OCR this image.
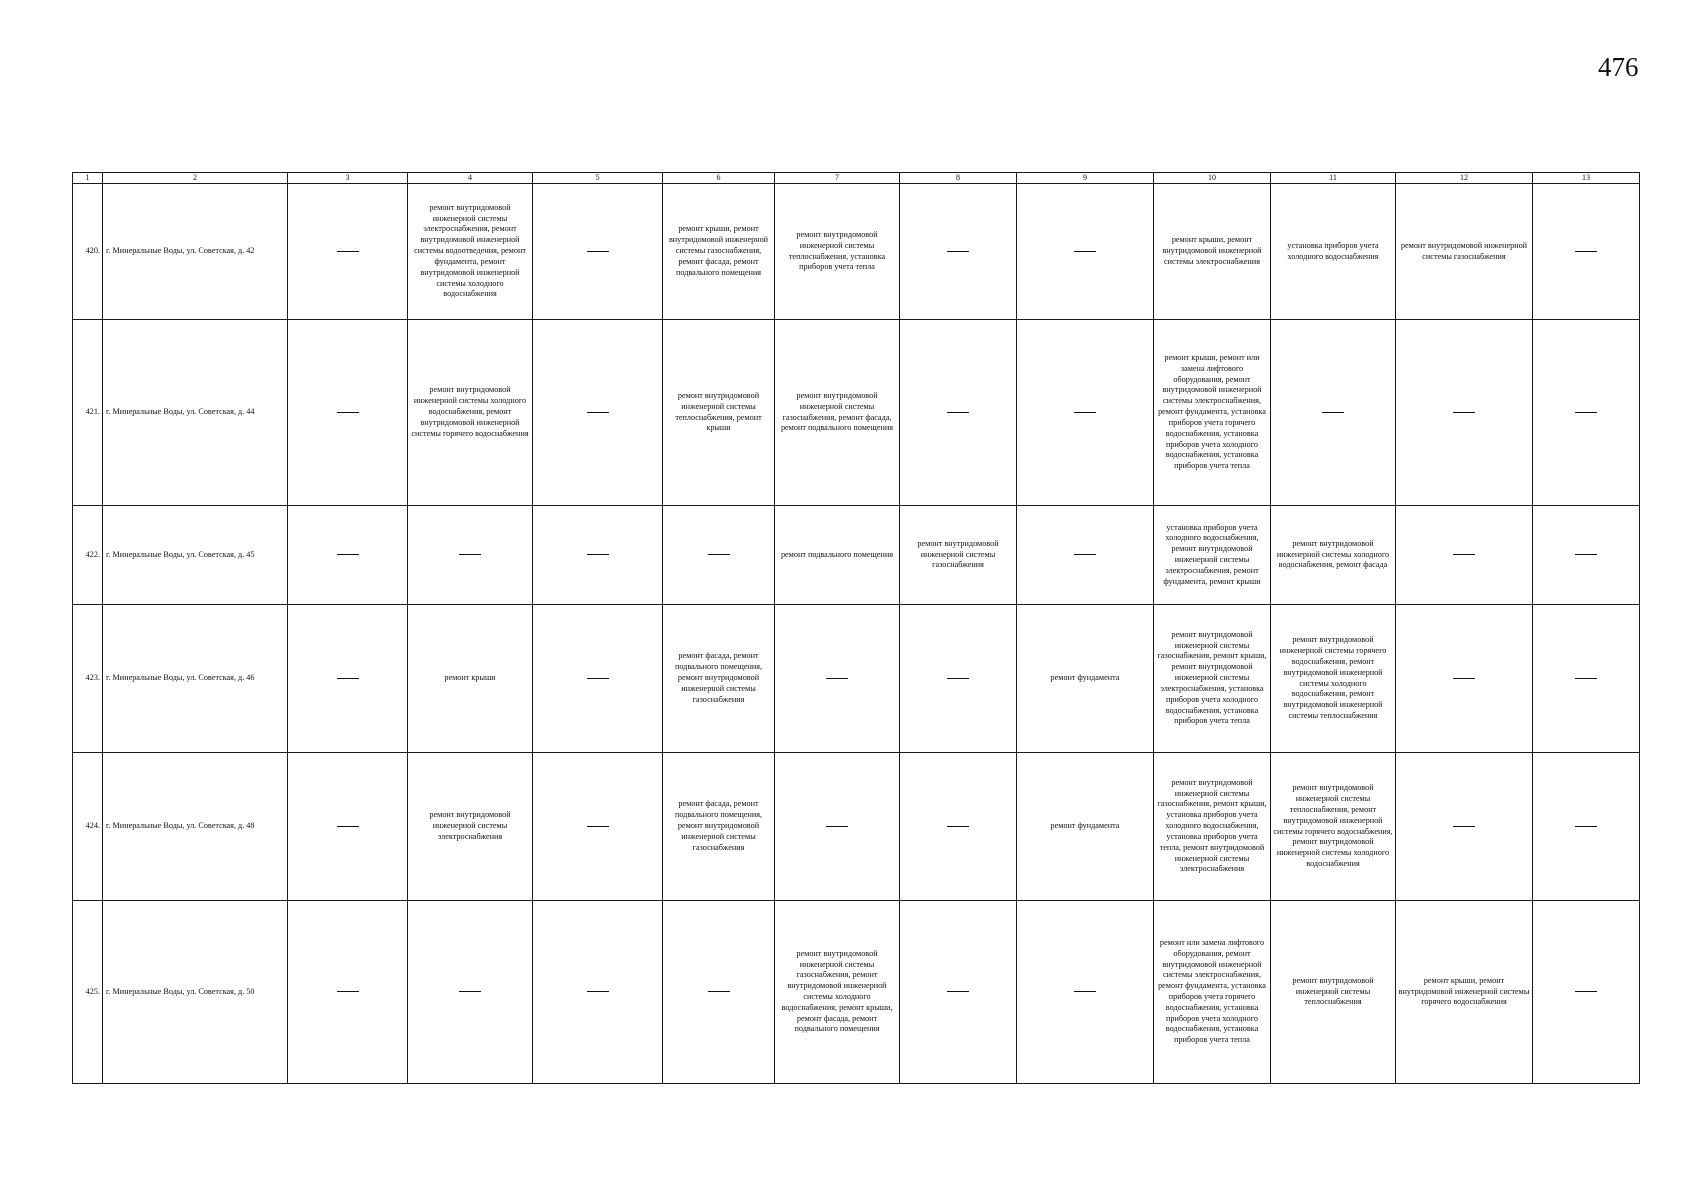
476
1	2	3	4	5	6	7	8	9	10	11	12	13
420.	г. Минеральные Воды, ул. Советская, д. 42		ремонт внутридомовой инженерной системы электроснабжения, ремонт внутридомовой инженерной системы водоотведения, ремонт фундамента, ремонт внутридомовой инженерной системы холодного водоснабжения		ремонт крыши, ремонт внутридомовой инженерной системы газоснабжения, ремонт фасада, ремонт подвального помещения	ремонт внутридомовой инженерной системы теплоснабжения, установка приборов учета тепла			ремонт крыши, ремонт внутридомовой инженерной системы электроснабжения	установка приборов учета холодного водоснабжения	ремонт внутридомовой инженерной системы газоснабжения	
421.	г. Минеральные Воды, ул. Советская, д. 44		ремонт внутридомовой инженерной системы холодного водоснабжения, ремонт внутридомовой инженерной системы горячего водоснабжения		ремонт внутридомовой инженерной системы теплоснабжения, ремонт крыши	ремонт внутридомовой инженерной системы газоснабжения, ремонт фасада, ремонт подвального помещения			ремонт крыши, ремонт или замена лифтового оборудования, ремонт внутридомовой инженерной системы электроснабжения, ремонт фундамента, установка приборов учета горячего водоснабжения, установка приборов учета холодного водоснабжения, установка приборов учета тепла			
422.	г. Минеральные Воды, ул. Советская, д. 45					ремонт подвального помещения	ремонт внутридомовой инженерной системы газоснабжения		установка приборов учета холодного водоснабжения, ремонт внутридомовой инженерной системы электроснабжения, ремонт фундамента, ремонт крыши	ремонт внутридомовой инженерной системы холодного водоснабжения, ремонт фасада		
423.	г. Минеральные Воды, ул. Советская, д. 46		ремонт крыши		ремонт фасада, ремонт подвального помещения, ремонт внутридомовой инженерной системы газоснабжения			ремонт фундамента	ремонт внутридомовой инженерной системы газоснабжения, ремонт крыши, ремонт внутридомовой инженерной системы электроснабжения, установка приборов учета холодного водоснабжения, установка приборов учета тепла	ремонт внутридомовой инженерной системы горячего водоснабжения, ремонт внутридомовой инженерной системы холодного водоснабжения, ремонт внутридомовой инженерной системы теплоснабжения		
424.	г. Минеральные Воды, ул. Советская, д. 48		ремонт внутридомовой инженерной системы электроснабжения		ремонт фасада, ремонт подвального помещения, ремонт внутридомовой инженерной системы газоснабжения			ремонт фундамента	ремонт внутридомовой инженерной системы газоснабжения, ремонт крыши, установка приборов учета холодного водоснабжения, установка приборов учета тепла, ремонт внутридомовой инженерной системы электроснабжения	ремонт внутридомовой инженерной системы теплоснабжения, ремонт внутридомовой инженерной системы горячего водоснабжения, ремонт внутридомовой инженерной системы холодного водоснабжения		
425.	г. Минеральные Воды, ул. Советская, д. 50					ремонт внутридомовой инженерной системы газоснабжения, ремонт внутридомовой инженерной системы холодного водоснабжения, ремонт крыши, ремонт фасада, ремонт подвального помещения			ремонт или замена лифтового оборудования, ремонт внутридомовой инженерной системы электроснабжения, ремонт фундамента, установка приборов учета горячего водоснабжения, установка приборов учета холодного водоснабжения, установка приборов учета тепла	ремонт внутридомовой инженерной системы теплоснабжения	ремонт крыши, ремонт внутридомовой инженерной системы горячего водоснабжения	
